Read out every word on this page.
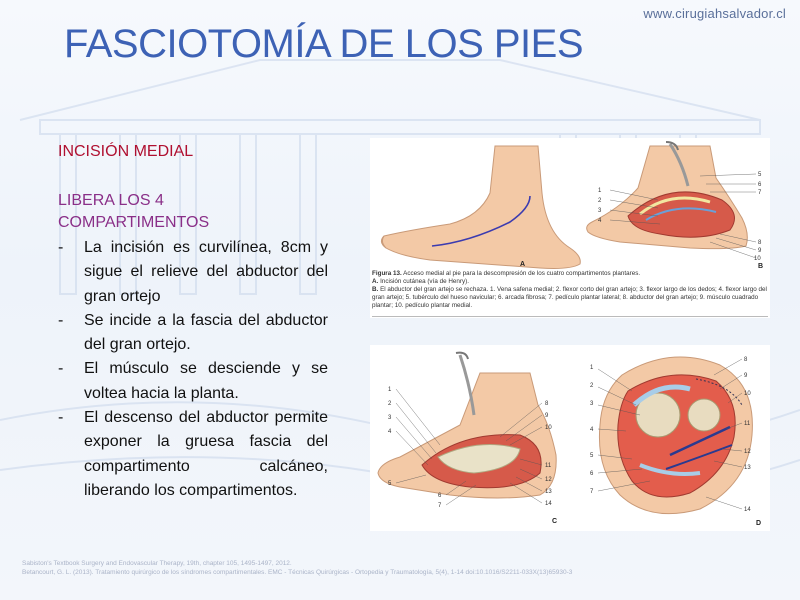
www.cirugiahsalvador.cl
FASCIOTOMÍA DE LOS PIES
INCISIÓN MEDIAL
LIBERA LOS 4 COMPARTIMENTOS
- La incisión es curvilínea, 8cm y sigue el relieve del abductor del gran ortejo
- Se incide a la fascia del abductor del gran ortejo.
- El músculo se desciende y se voltea hacia la planta.
- El descenso del abductor permite exponer la gruesa fascia del compartimento calcáneo, liberando los compartimentos.
A
1
2
3
4
5
6
7
8
9
10
B
Figura 13. Acceso medial al pie para la descompresión de los cuatro compartimentos plantares.
A. Incisión cutánea (vía de Henry).
B. El abductor del gran artejo se rechaza. 1. Vena safena medial; 2. flexor corto del gran artejo; 3. flexor largo de los dedos; 4. flexor largo del gran artejo; 5. tubérculo del hueso navicular; 6. arcada fibrosa; 7. pedículo plantar lateral; 8. abductor del gran artejo; 9. músculo cuadrado plantar; 10. pedículo plantar medial.
1
2
3
4
5
6
7
8
9
10
11
12
13
14
C
1
2
3
4
5
6
7
8
9
10
11
12
13
14
D
Sabiston's Textbook Surgery and Endovascular Therapy, 19th, chapter 105, 1495-1497, 2012.
Betancourt, G. L. (2013). Tratamiento quirúrgico de los síndromes compartimentales. EMC - Técnicas Quirúrgicas - Ortopedia y Traumatología, 5(4), 1-14 doi:10.1016/S2211-033X(13)65930-3
